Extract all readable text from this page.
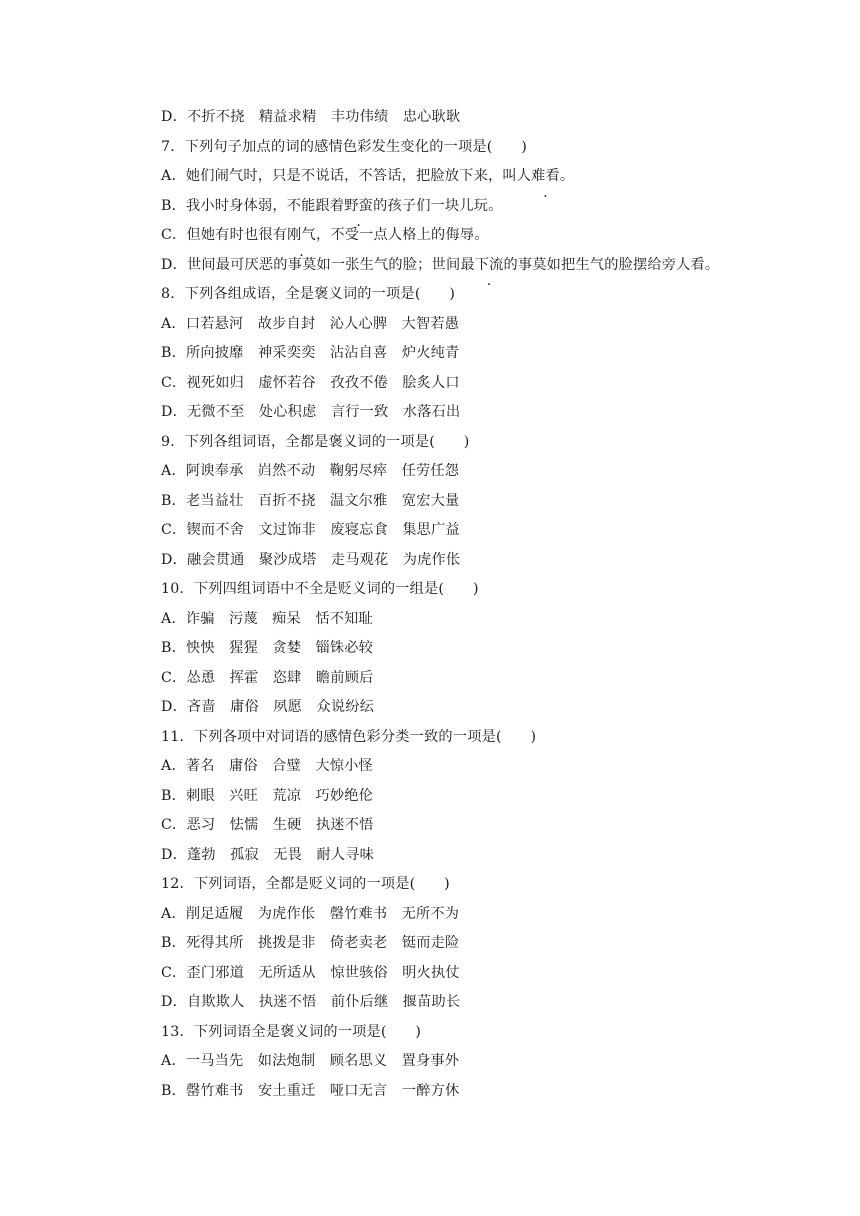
D．不折不挠　精益求精　丰功伟绩　忠心耿耿
7．下列句子加点的词的感情色彩发生变化的一项是(　　)
A．她们闹气时，只是不说话，不答话，把脸放下来，叫人难看。
B．我小时身体弱，不能跟着野蛮的孩子们一块儿玩。
C．但她有时也很有刚气，不受一点人格上的侮辱。
D．世间最可厌恶的事莫如一张生气的脸；世间最下流的事莫如把生气的脸摆给旁人看。
8．下列各组成语，全是褒义词的一项是(　　)
A．口若悬河　故步自封　沁人心脾　大智若愚
B．所向披靡　神采奕奕　沾沾自喜　炉火纯青
C．视死如归　虚怀若谷　孜孜不倦　脍炙人口
D．无微不至　处心积虑　言行一致　水落石出
9．下列各组词语，全都是褒义词的一项是(　　)
A．阿谀奉承　岿然不动　鞠躬尽瘁　任劳任怨
B．老当益壮　百折不挠　温文尔雅　宽宏大量
C．锲而不舍　文过饰非　废寝忘食　集思广益
D．融会贯通　聚沙成塔　走马观花　为虎作伥
10．下列四组词语中不全是贬义词的一组是(　　)
A．诈骗　污蔑　痴呆　恬不知耻
B．怏怏　猩猩　贪婪　锱铢必较
C．怂恿　挥霍　恣肆　瞻前顾后
D．吝啬　庸俗　夙愿　众说纷纭
11．下列各项中对词语的感情色彩分类一致的一项是(　　)
A．著名　庸俗　合璧　大惊小怪
B．刺眼　兴旺　荒凉　巧妙绝伦
C．恶习　怯懦　生硬　执迷不悟
D．蓬勃　孤寂　无畏　耐人寻味
12．下列词语，全都是贬义词的一项是(　　)
A．削足适履　为虎作伥　罄竹难书　无所不为
B．死得其所　挑拨是非　倚老卖老　铤而走险
C．歪门邪道　无所适从　惊世骇俗　明火执仗
D．自欺欺人　执迷不悟　前仆后继　揠苗助长
13．下列词语全是褒义词的一项是(　　)
A．一马当先　如法炮制　顾名思义　置身事外
B．罄竹难书　安土重迁　哑口无言　一醉方休
